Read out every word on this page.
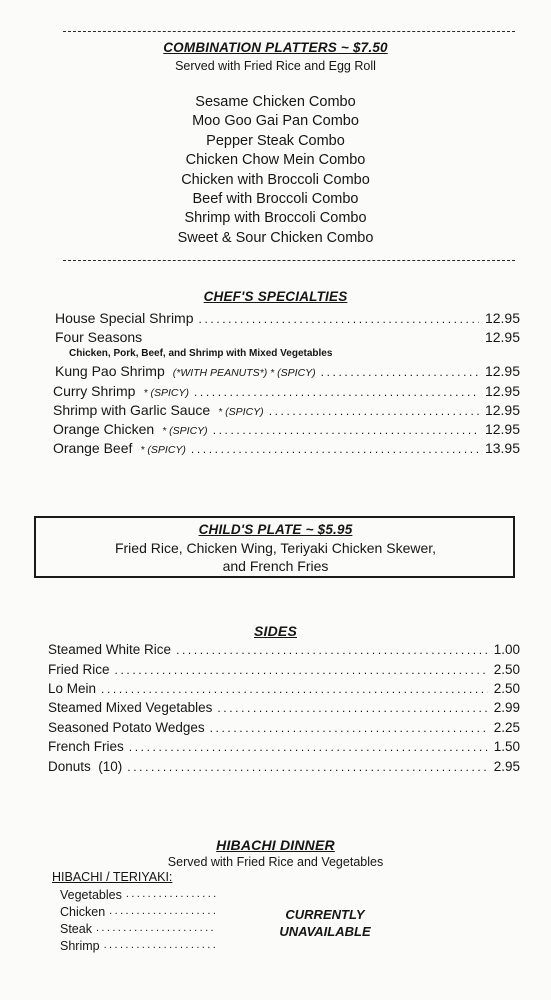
COMBINATION PLATTERS ~ $7.50
Served with Fried Rice and Egg Roll
Sesame Chicken Combo
Moo Goo Gai Pan Combo
Pepper Steak Combo
Chicken Chow Mein Combo
Chicken with Broccoli Combo
Beef with Broccoli Combo
Shrimp with Broccoli Combo
Sweet & Sour Chicken Combo
CHEF'S SPECIALTIES
House Special Shrimp .....	12.95
Four Seasons	12.95
Chicken, Pork, Beef, and Shrimp with Mixed Vegetables
Kung Pao Shrimp (*WITH PEANUTS*) * (SPICY) .....	12.95
Curry Shrimp * (SPICY) .....	12.95
Shrimp with Garlic Sauce * (SPICY) .....	12.95
Orange Chicken * (SPICY) .....	12.95
Orange Beef * (SPICY) .....	13.95
CHILD'S PLATE ~ $5.95
Fried Rice, Chicken Wing, Teriyaki Chicken Skewer,
and French Fries
SIDES
Steamed White Rice .....	1.00
Fried Rice .....	2.50
Lo Mein .....	2.50
Steamed Mixed Vegetables .....	2.99
Seasoned Potato Wedges .....	2.25
French Fries .....	1.50
Donuts  (10) .....	2.95
HIBACHI DINNER
Served with Fried Rice and Vegetables
HIBACHI / TERIYAKI:
Vegetables
.....
Chicken
.....
Steak
.....
Shrimp
.....
CURRENTLY
UNAVAILABLE
